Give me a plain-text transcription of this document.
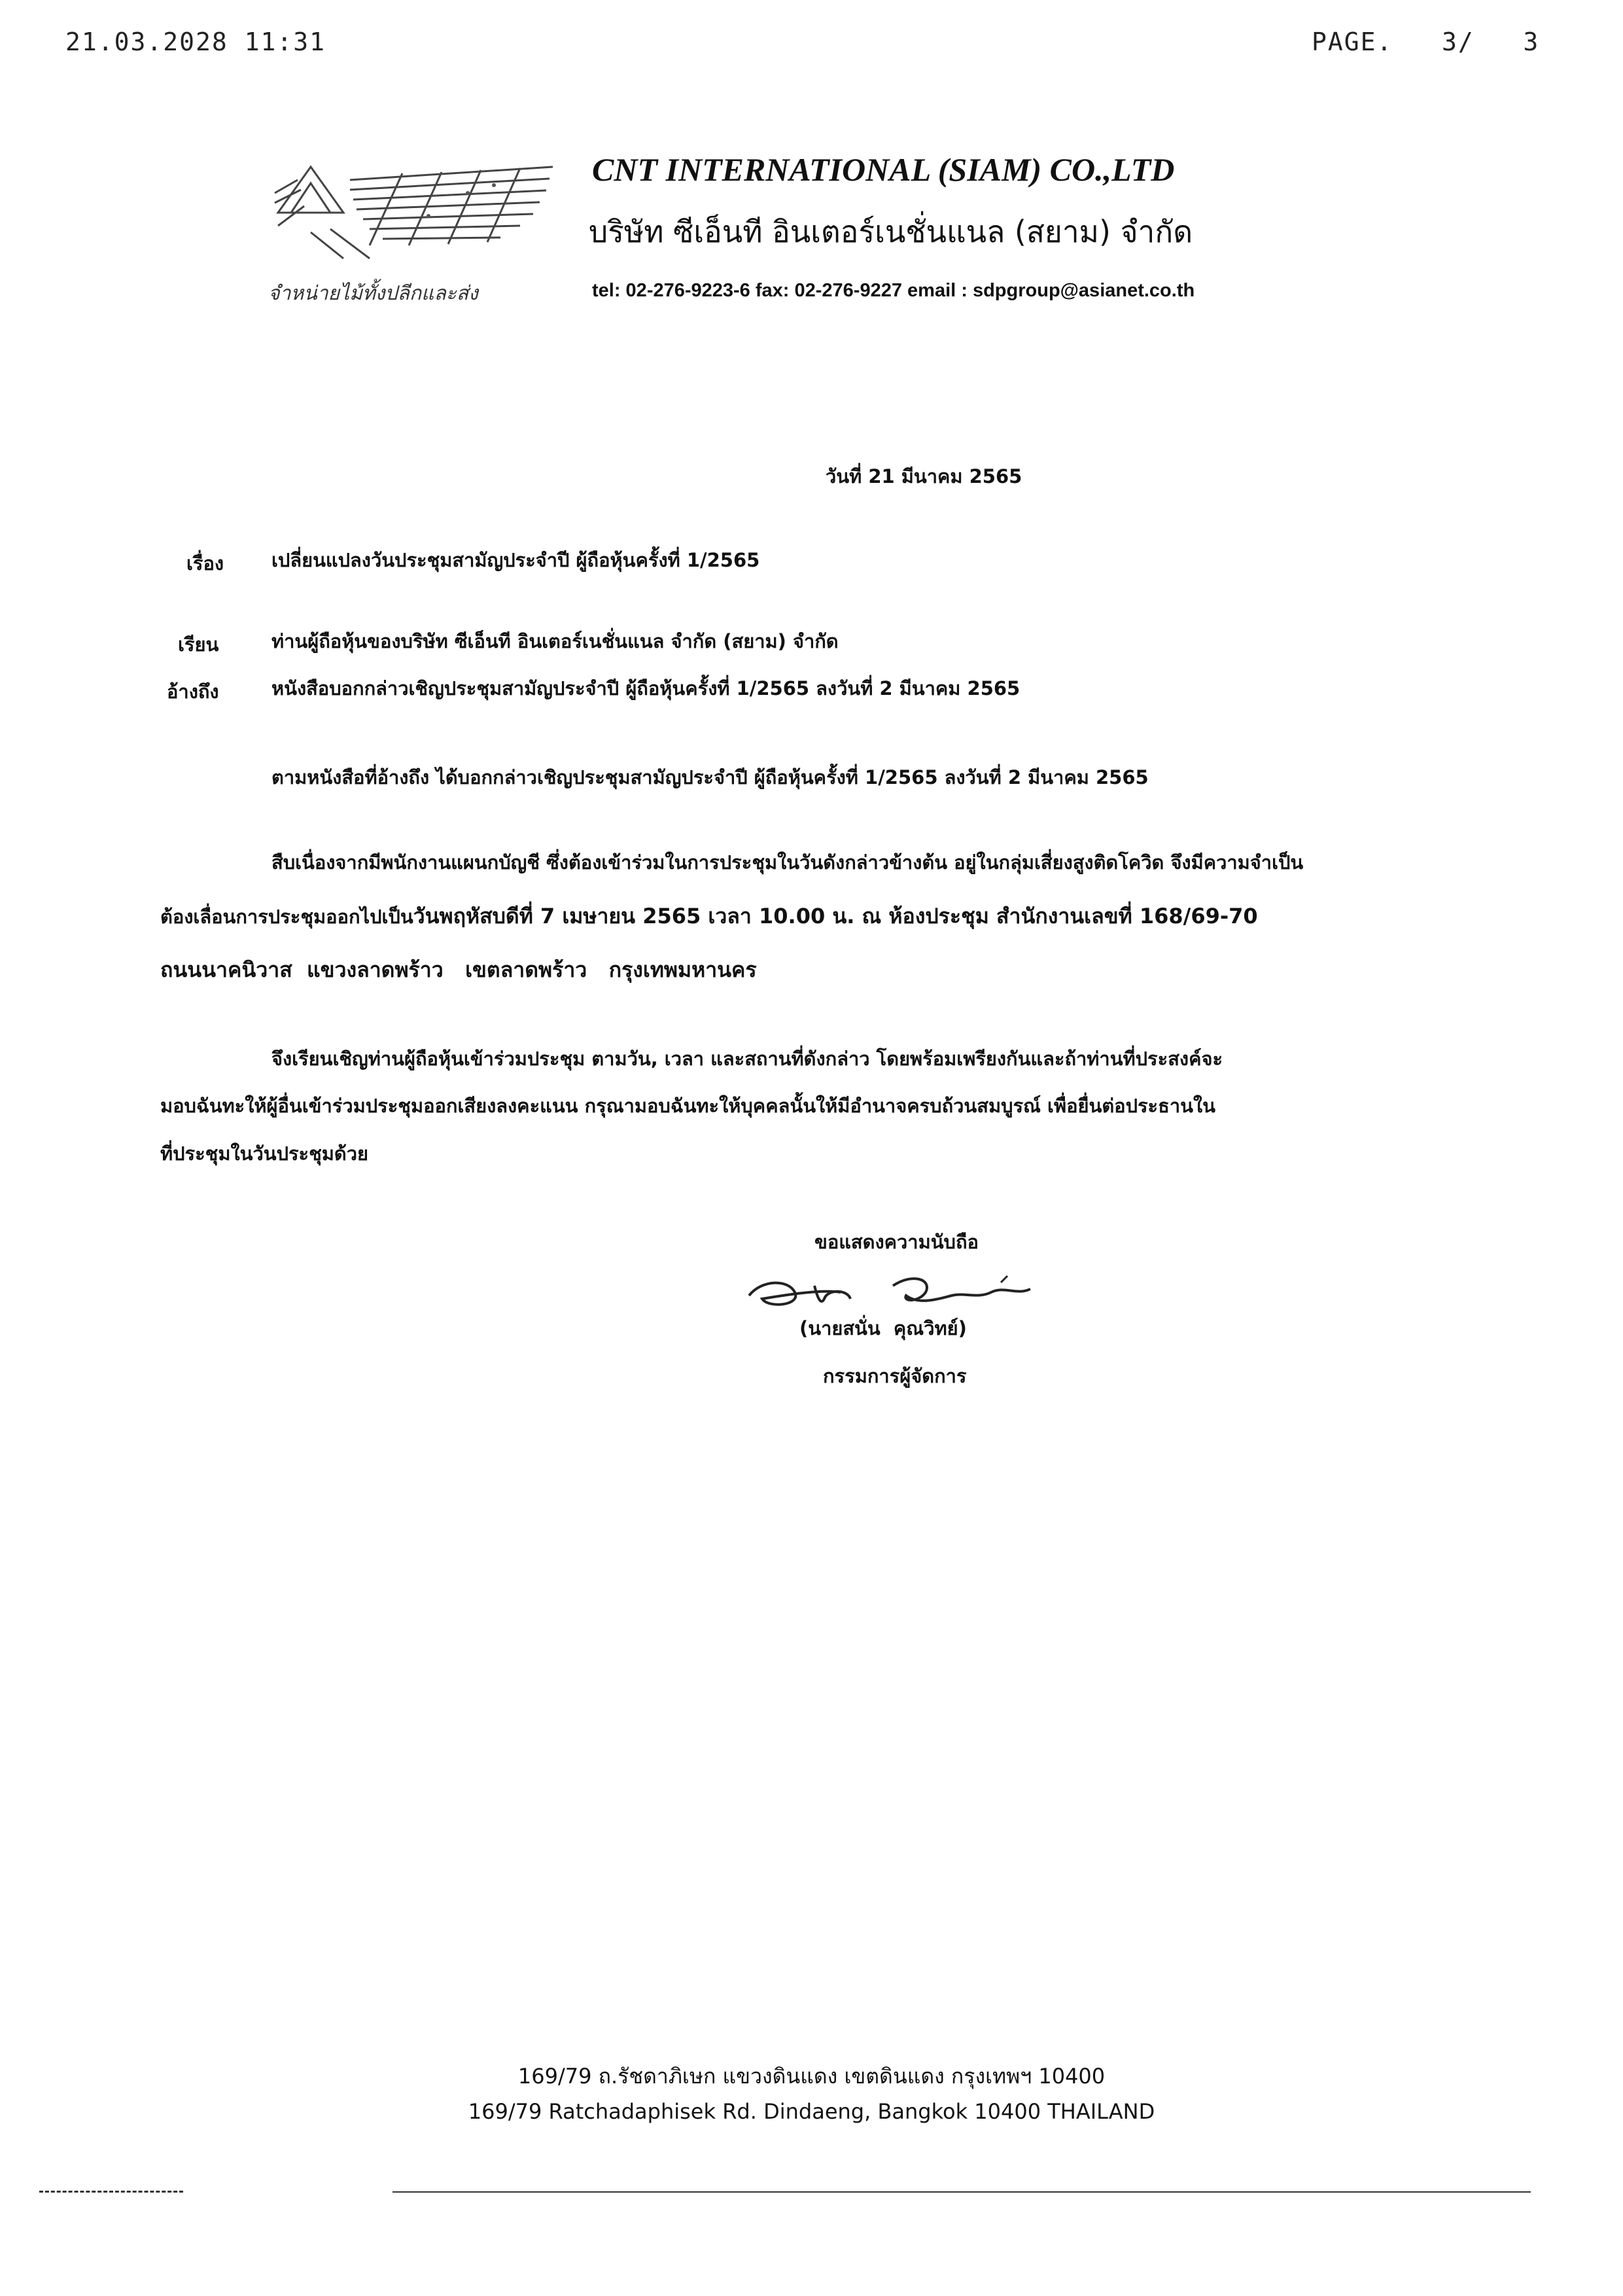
21.03.2028 11:31	PAGE.   3/   3
CNT INTERNATIONAL (SIAM) CO.,LTD
บริษัท ซีเอ็นที อินเตอร์เนชั่นแนล (สยาม) จำกัด
จำหน่ายไม้ทั้งปลีกและส่ง	tel: 02-276-9223-6 fax: 02-276-9227 email : sdpgroup@asianet.co.th
วันที่ 21 มีนาคม 2565
เรื่อง	เปลี่ยนแปลงวันประชุมสามัญประจำปี ผู้ถือหุ้นครั้งที่ 1/2565
เรียน	ท่านผู้ถือหุ้นของบริษัท ซีเอ็นที อินเตอร์เนชั่นแนล จำกัด (สยาม) จำกัด
อ้างถึง	หนังสือบอกกล่าวเชิญประชุมสามัญประจำปี ผู้ถือหุ้นครั้งที่ 1/2565 ลงวันที่ 2 มีนาคม 2565
ตามหนังสือที่อ้างถึง ได้บอกกล่าวเชิญประชุมสามัญประจำปี ผู้ถือหุ้นครั้งที่ 1/2565 ลงวันที่ 2 มีนาคม 2565
สืบเนื่องจากมีพนักงานแผนกบัญชี ซึ่งต้องเข้าร่วมในการประชุมในวันดังกล่าวข้างต้น อยู่ในกลุ่มเสี่ยงสูงติดโควิด จึงมีความจำเป็น
ต้องเลื่อนการประชุมออกไปเป็นวันพฤหัสบดีที่ 7 เมษายน 2565 เวลา 10.00 น. ณ ห้องประชุม สำนักงานเลขที่ 168/69-70
ถนนนาคนิวาส  แขวงลาดพร้าว   เขตลาดพร้าว   กรุงเทพมหานคร
จึงเรียนเชิญท่านผู้ถือหุ้นเข้าร่วมประชุม ตามวัน, เวลา และสถานที่ดังกล่าว โดยพร้อมเพรียงกันและถ้าท่านที่ประสงค์จะ
มอบฉันทะให้ผู้อื่นเข้าร่วมประชุมออกเสียงลงคะแนน กรุณามอบฉันทะให้บุคคลนั้นให้มีอำนาจครบถ้วนสมบูรณ์ เพื่อยื่นต่อประธานใน
ที่ประชุมในวันประชุมด้วย
ขอแสดงความนับถือ
(นายสนั่น  คุณวิทย์)
กรรมการผู้จัดการ
169/79 ถ.รัชดาภิเษก แขวงดินแดง เขตดินแดง กรุงเทพฯ 10400
169/79 Ratchadaphisek Rd. Dindaeng, Bangkok 10400 THAILAND
